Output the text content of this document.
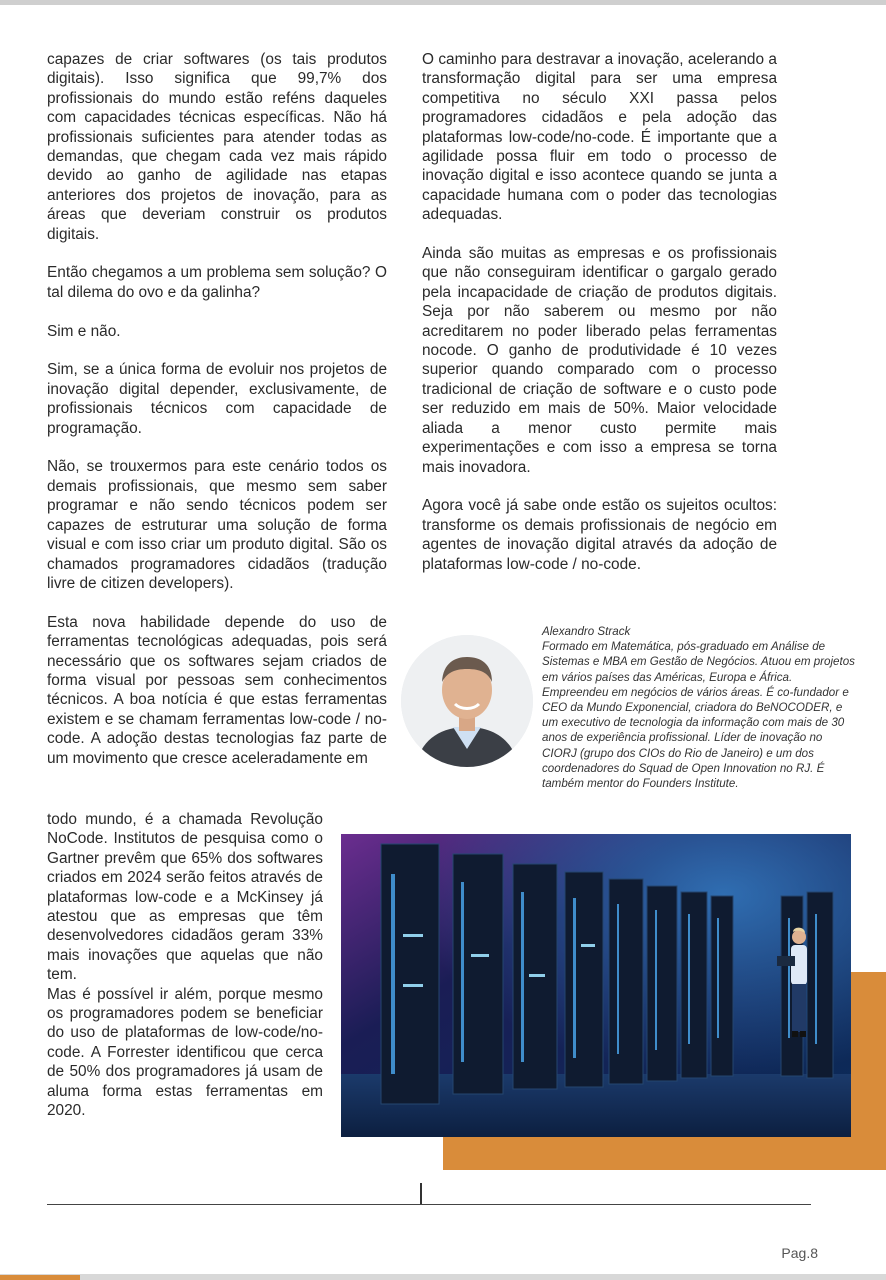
capazes de criar softwares (os tais produtos digitais). Isso significa que 99,7% dos profissionais do mundo estão reféns daqueles com capacidades técnicas específicas. Não há profissionais suficientes para atender todas as demandas, que chegam cada vez mais rápido devido ao ganho de agilidade nas etapas anteriores dos projetos de inovação, para as áreas que deveriam construir os produtos digitais.

Então chegamos a um problema sem solução? O tal dilema do ovo e da galinha?

Sim e não.

Sim, se a única forma de evoluir nos projetos de inovação digital depender, exclusivamente, de profissionais técnicos com capacidade de programação.

Não, se trouxermos para este cenário todos os demais profissionais, que mesmo sem saber programar e não sendo técnicos podem ser capazes de estruturar uma solução de forma visual e com isso criar um produto digital. São os chamados programadores cidadãos (tradução livre de citizen developers).

Esta nova habilidade depende do uso de ferramentas tecnológicas adequadas, pois será necessário que os softwares sejam criados de forma visual por pessoas sem conhecimentos técnicos. A boa notícia é que estas ferramentas existem e se chamam ferramentas low-code / no-code. A adoção destas tecnologias faz parte de um movimento que cresce aceleradamente em

todo mundo, é a chamada Revolução NoCode. Institutos de pesquisa como o Gartner prevêm que 65% dos softwares criados em 2024 serão feitos através de plataformas low-code e a McKinsey já atestou que as empresas que têm desenvolvedores cidadãos geram 33% mais inovações que aquelas que não tem.

Mas é possível ir além, porque mesmo os programadores podem se beneficiar do uso de plataformas de low-code/no-code. A Forrester identificou que cerca de 50% dos programadores já usam de aluma forma estas ferramentas em 2020.

O caminho para destravar a inovação, acelerando a transformação digital para ser uma empresa competitiva no século XXI passa pelos programadores cidadãos e pela adoção das plataformas low-code/no-code. É importante que a agilidade possa fluir em todo o processo de inovação digital e isso acontece quando se junta a capacidade humana com o poder das tecnologias adequadas.

Ainda são muitas as empresas e os profissionais que não conseguiram identificar o gargalo gerado pela incapacidade de criação de produtos digitais. Seja por não saberem ou mesmo por não acreditarem no poder liberado pelas ferramentas nocode. O ganho de produtividade é 10 vezes superior quando comparado com o processo tradicional de criação de software e o custo pode ser reduzido em mais de 50%. Maior velocidade aliada a menor custo permite mais experimentações e com isso a empresa se torna mais inovadora.

Agora você já sabe onde estão os sujeitos ocultos: transforme os demais profissionais de negócio em agentes de inovação digital através da adoção de plataformas low-code / no-code.

Alexandro Strack

Formado em Matemática, pós-graduado em Análise de Sistemas e MBA em Gestão de Negócios. Atuou em projetos em vários países das Américas, Europa e África. Empreendeu em negócios de vários áreas. É co-fundador e CEO da Mundo Exponencial, criadora do BeNOCODER, e um executivo de tecnologia da informação com mais de 30 anos de experiência profissional. Líder de inovação no CIORJ (grupo dos CIOs do Rio de Janeiro) e um dos coordenadores do Squad de Open Innovation no RJ. É também mentor do Founders Institute.

Pag.8
